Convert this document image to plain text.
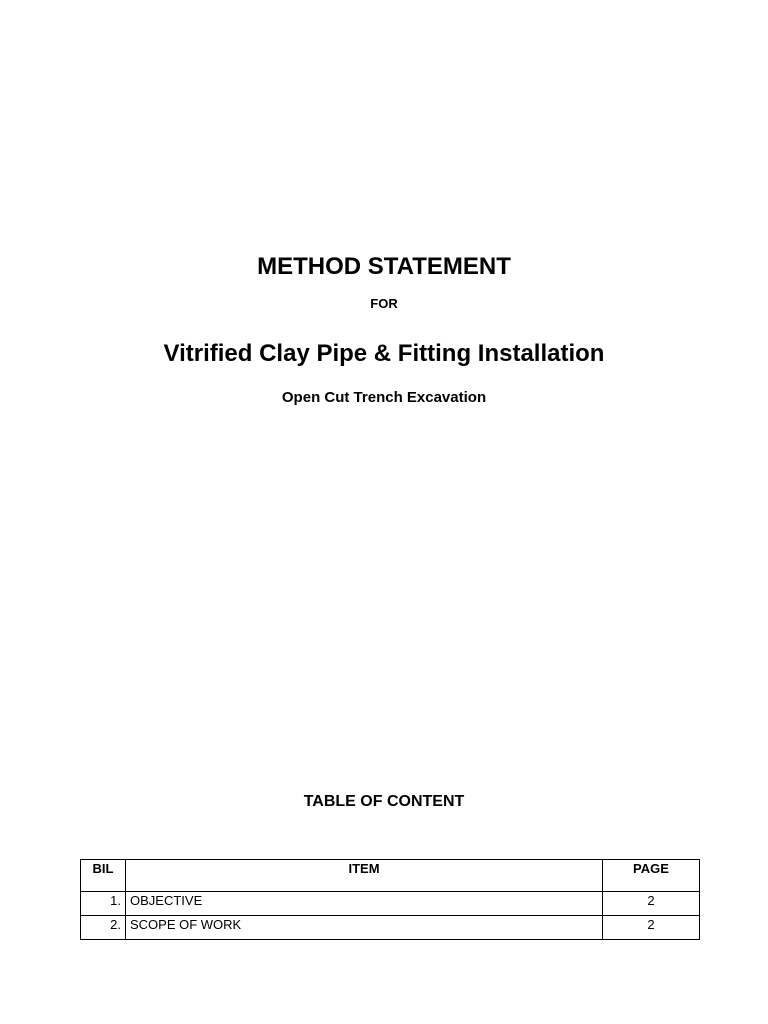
METHOD STATEMENT
FOR
Vitrified Clay Pipe & Fitting Installation
Open Cut Trench Excavation
TABLE OF CONTENT
BIL	ITEM	PAGE
1.	OBJECTIVE	2
2.	SCOPE OF WORK	2
